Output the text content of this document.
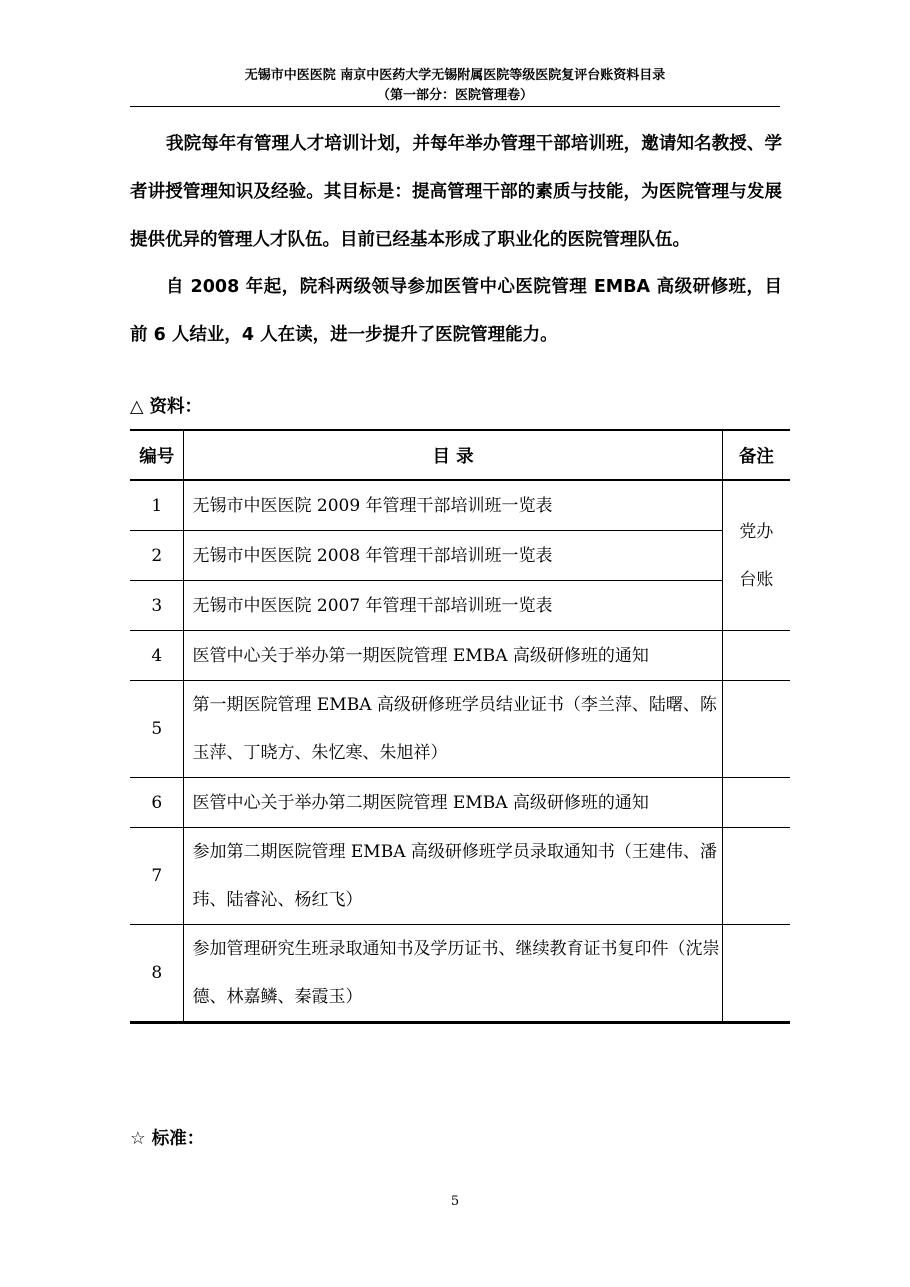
无锡市中医医院 南京中医药大学无锡附属医院等级医院复评台账资料目录
（第一部分：医院管理卷）

我院每年有管理人才培训计划，并每年举办管理干部培训班，邀请知名教授、学者讲授管理知识及经验。其目标是：提高管理干部的素质与技能，为医院管理与发展提供优异的管理人才队伍。目前已经基本形成了职业化的医院管理队伍。

自 2008 年起，院科两级领导参加医管中心医院管理 EMBA 高级研修班，目前 6 人结业，4 人在读，进一步提升了医院管理能力。

△ 资料：
编号	目 录	备注
1	无锡市中医医院 2009 年管理干部培训班一览表	党办
台账

2	无锡市中医医院 2008 年管理干部培训班一览表	
3	无锡市中医医院 2007 年管理干部培训班一览表	
4	医管中心关于举办第一期医院管理 EMBA 高级研修班的通知	
5	第一期医院管理 EMBA 高级研修班学员结业证书（李兰萍、陆曙、陈玉萍、丁晓方、朱忆寒、朱旭祥）	
6	医管中心关于举办第二期医院管理 EMBA 高级研修班的通知	
7	参加第二期医院管理 EMBA 高级研修班学员录取通知书（王建伟、潘玮、陆睿沁、杨红飞）	
8	参加管理研究生班录取通知书及学历证书、继续教育证书复印件（沈崇德、林嘉鳞、秦霞玉）	
☆ 标准：
5
